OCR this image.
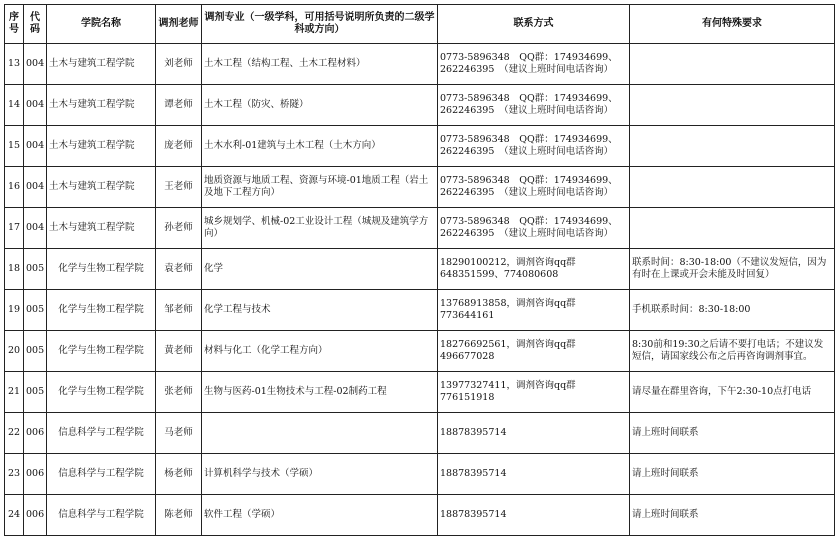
序号	代码	学院名称	调剂老师	调剂专业（一级学科，可用括号说明所负责的二级学科或方向）	联系方式	有何特殊要求
13	004	土木与建筑工程学院	刘老师	土木工程（结构工程、土木工程材料）	0773-5896348　QQ群：174934699、262246395　（建议上班时间电话咨询）	
14	004	土木与建筑工程学院	谭老师	土木工程（防灾、桥隧）	0773-5896348　QQ群：174934699、262246395　（建议上班时间电话咨询）	
15	004	土木与建筑工程学院	庞老师	土木水利-01建筑与土木工程（土木方向）	0773-5896348　QQ群：174934699、262246395　（建议上班时间电话咨询）	
16	004	土木与建筑工程学院	王老师	地质资源与地质工程、资源与环境-01地质工程（岩土及地下工程方向）	0773-5896348　QQ群：174934699、262246395　（建议上班时间电话咨询）	
17	004	土木与建筑工程学院	孙老师	城乡规划学、机械-02工业设计工程（城规及建筑学方向）	0773-5896348　QQ群：174934699、262246395　（建议上班时间电话咨询）	
18	005	化学与生物工程学院	袁老师	化学	18290100212，调剂咨询qq群648351599、774080608	联系时间：8:30-18:00（不建议发短信，因为有时在上课或开会未能及时回复）
19	005	化学与生物工程学院	邹老师	化学工程与技术	13768913858，调剂咨询qq群773644161	手机联系时间：8:30-18:00
20	005	化学与生物工程学院	黄老师	材料与化工（化学工程方向）	18276692561，调剂咨询qq群496677028	8:30前和19:30之后请不要打电话；不建议发短信，请国家线公布之后再咨询调剂事宜。
21	005	化学与生物工程学院	张老师	生物与医药-01生物技术与工程-02制药工程	13977327411，调剂咨询qq群776151918	请尽量在群里咨询，下午2:30-10点打电话
22	006	信息科学与工程学院	马老师		18878395714	请上班时间联系
23	006	信息科学与工程学院	杨老师	计算机科学与技术（学硕）	18878395714	请上班时间联系
24	006	信息科学与工程学院	陈老师	软件工程（学硕）	18878395714	请上班时间联系
